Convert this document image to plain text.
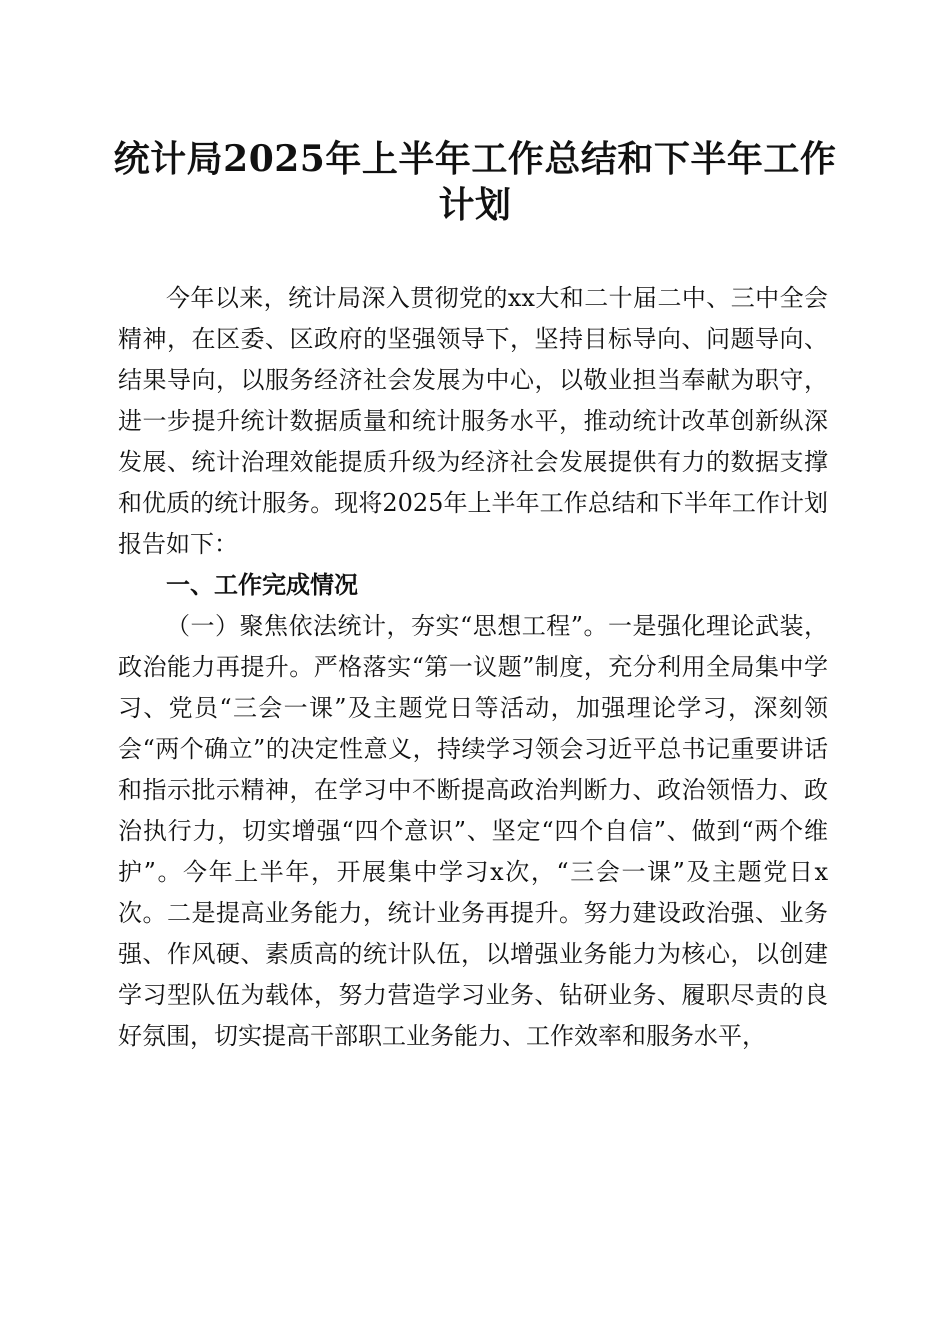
统计局2025年上半年工作总结和下半年工作计划

今年以来，统计局深入贯彻党的xx大和二十届二中、三中全会精神，在区委、区政府的坚强领导下，坚持目标导向、问题导向、结果导向，以服务经济社会发展为中心，以敬业担当奉献为职守，进一步提升统计数据质量和统计服务水平，推动统计改革创新纵深发展、统计治理效能提质升级为经济社会发展提供有力的数据支撑和优质的统计服务。现将2025年上半年工作总结和下半年工作计划报告如下：

一、工作完成情况

（一）聚焦依法统计，夯实“思想工程”。一是强化理论武装，政治能力再提升。严格落实“第一议题”制度，充分利用全局集中学习、党员“三会一课”及主题党日等活动，加强理论学习，深刻领会“两个确立”的决定性意义，持续学习领会习近平总书记重要讲话和指示批示精神，在学习中不断提高政治判断力、政治领悟力、政治执行力，切实增强“四个意识”、坚定“四个自信”、做到“两个维护”。今年上半年，开展集中学习x次，“三会一课”及主题党日x次。二是提高业务能力，统计业务再提升。努力建设政治强、业务强、作风硬、素质高的统计队伍，以增强业务能力为核心，以创建学习型队伍为载体，努力营造学习业务、钻研业务、履职尽责的良好氛围，切实提高干部职工业务能力、工作效率和服务水平，
